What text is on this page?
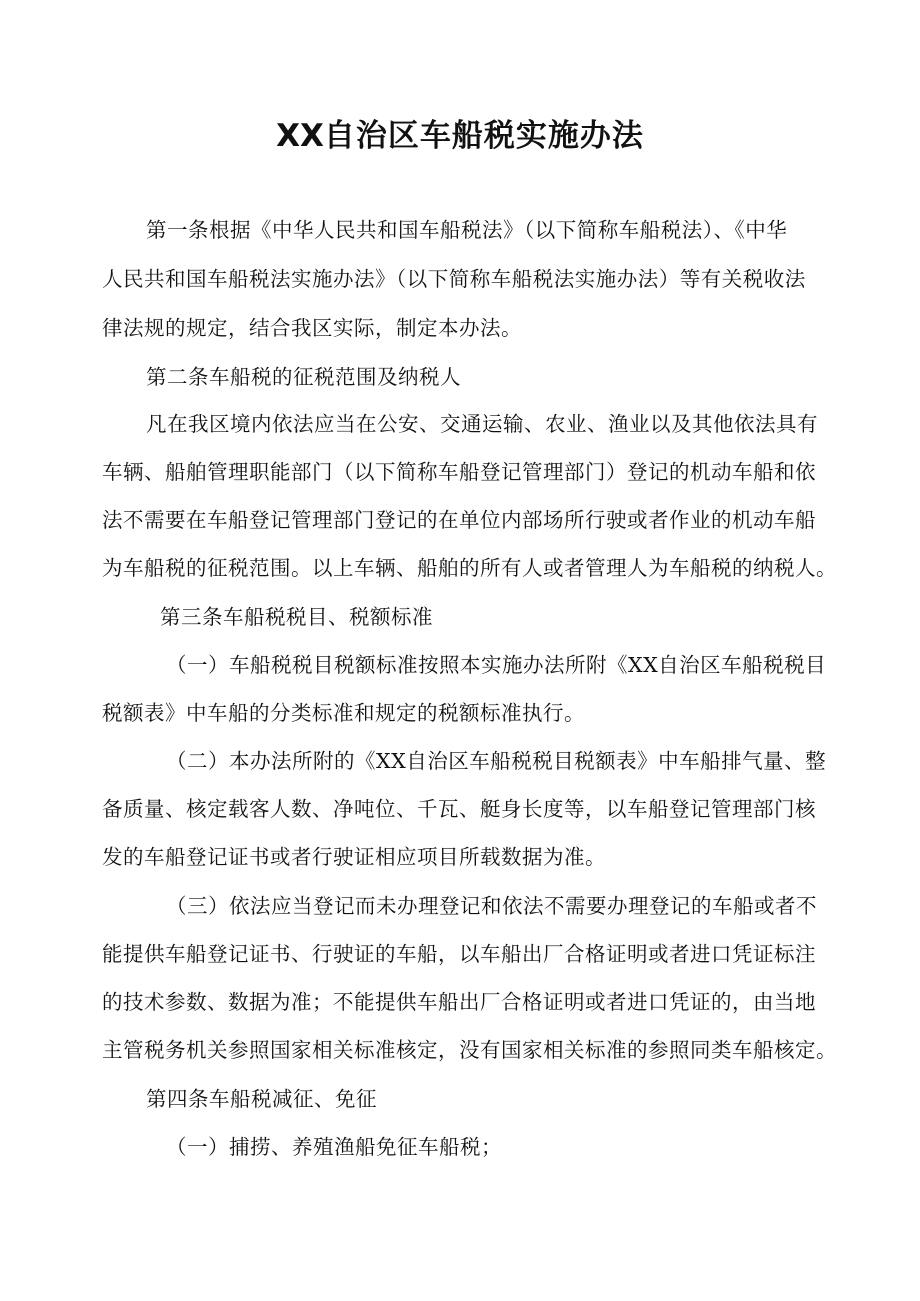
XX自治区车船税实施办法
第一条根据《中华人民共和国车船税法》（以下简称车船税法）、《中华
人民共和国车船税法实施办法》（以下简称车船税法实施办法）等有关税收法
律法规的规定，结合我区实际，制定本办法。
第二条车船税的征税范围及纳税人
凡在我区境内依法应当在公安、交通运输、农业、渔业以及其他依法具有
车辆、船舶管理职能部门（以下简称车船登记管理部门）登记的机动车船和依
法不需要在车船登记管理部门登记的在单位内部场所行驶或者作业的机动车船
为车船税的征税范围。以上车辆、船舶的所有人或者管理人为车船税的纳税人。
第三条车船税税目、税额标准
（一）车船税税目税额标准按照本实施办法所附《XX自治区车船税税目
税额表》中车船的分类标准和规定的税额标准执行。
（二）本办法所附的《XX自治区车船税税目税额表》中车船排气量、整
备质量、核定载客人数、净吨位、千瓦、艇身长度等，以车船登记管理部门核
发的车船登记证书或者行驶证相应项目所载数据为准。
（三）依法应当登记而未办理登记和依法不需要办理登记的车船或者不
能提供车船登记证书、行驶证的车船，以车船出厂合格证明或者进口凭证标注
的技术参数、数据为准；不能提供车船出厂合格证明或者进口凭证的，由当地
主管税务机关参照国家相关标准核定，没有国家相关标准的参照同类车船核定。
第四条车船税减征、免征
（一）捕捞、养殖渔船免征车船税；
